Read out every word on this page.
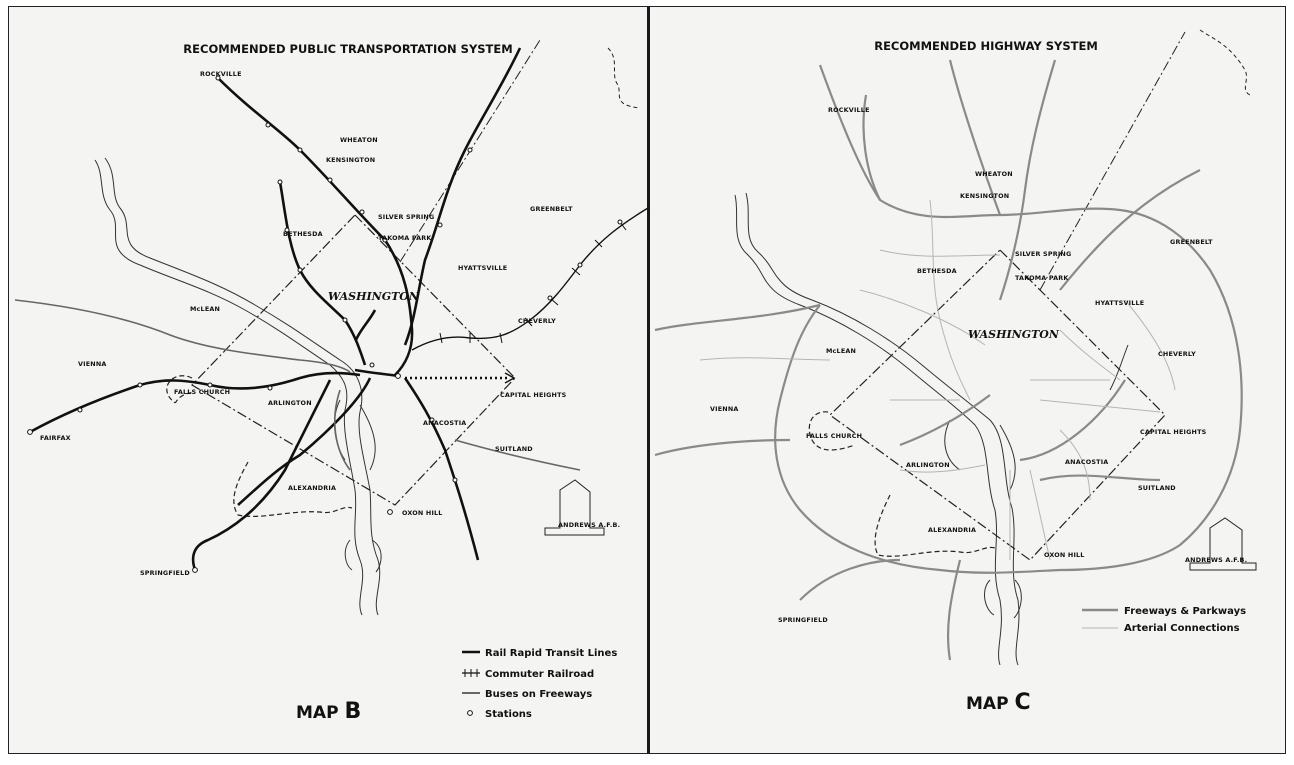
RECOMMENDED PUBLIC TRANSPORTATION SYSTEM
ROCKVILLE
WHEATON
KENSINGTON
SILVER SPRING
TAKOMA PARK
GREENBELT
BETHESDA
HYATTSVILLE
WASHINGTON
McLEAN
CHEVERLY
VIENNA
FALLS CHURCH
ARLINGTON
CAPITAL HEIGHTS
FAIRFAX
ANACOSTIA
SUITLAND
ALEXANDRIA
OXON HILL
ANDREWS A.F.B.
SPRINGFIELD
Rail Rapid Transit Lines
Commuter Railroad
Buses on Freeways
Stations
MAP B
RECOMMENDED HIGHWAY SYSTEM
ROCKVILLE
WHEATON
KENSINGTON
SILVER SPRING
TAKOMA PARK
GREENBELT
BETHESDA
HYATTSVILLE
WASHINGTON
CHEVERLY
McLEAN
VIENNA
FALLS CHURCH	CAPITAL HEIGHTS
ARLINGTON	ANACOSTIA
SUITLAND
ALEXANDRIA
OXON HILL
ANDREWS A.F.B.
SPRINGFIELD
Freeways & Parkways
Arterial Connections
MAP C
